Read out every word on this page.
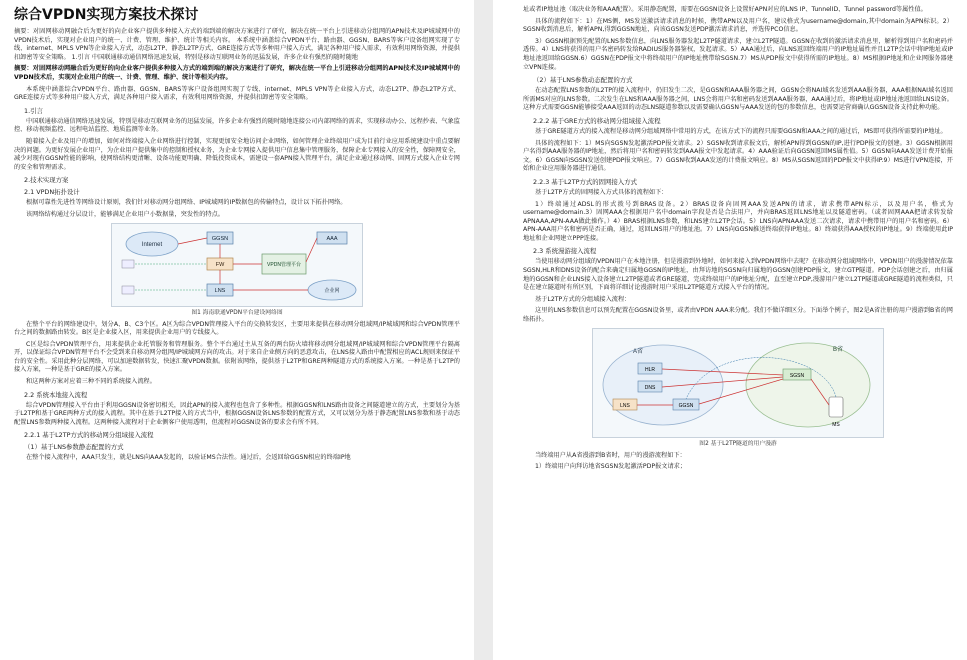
综合VPDN实现方案技术探讨

摘要：对固网移动网融合后为更好的向企业客户提供多种接入方式的端到端的解决方案进行了研究，解决在统一平台上引进移动分组网的APN技术及IP城域网中的VPDN技术后，实现对企业用户的统一、计费、管理、维护、统计等相关内容。 本系统中涵盖综合VPDN平台、路由器、GGSN、BARS等客户设备组网实现了专线、internet、MPLS VPN等企业接入方式，动态L2TP、静态L2TP方式、GRE连接方式等多种用户接入方式，满足各种用户接入需求，有效利用网络资源，并提供扣卸密等安全策略。 1.引言 中国联通移动通信网络迅速发展，特别是移动互联网业务的迅猛发展，许多企业有强烈的随时随地

摘要：对固网移动网融合后为更好的向企业客户提供多种接入方式的端到端的解决方案进行了研究，解决在统一平台上引进移动分组网的APN技术及IP城域网中的VPDN技术后，实现对企业用户的统一、计费、管理、维护、统计等相关内容。

本系统中涵盖综合VPDN平台、路由器、GGSN、BARS等客户设备组网实现了专线、internet、MPLS VPN等企业接入方式，动态L2TP、静态L2TP方式、GRE连接方式等多种用户接入方式，满足各种用户接入需求，有效利用网络资源，并提供扣卸密等安全策略。

1.引言

中国联通移动通信网络迅速发展，特别是移动互联网业务的迅猛发展，许多企业有强烈的随时随地连接公司内部网络的需求，实现移动办公、远程抄表、气象监控、移动视频监控、远程电站监控、地质监测等业务。

随着接入企业及用户的增加，如何对终端接入企业网络进行控制，实现更加安全地访问企业网络，如何管理企业终端用户成为目前行业应用系统建设中重点要解决的问题。为更好发展企业用户，为企业用户提供集中的控制和授权业务，为企业专网接入提供用户信息集中管理服务，保障企业专网接入的安全性，保障网安全，减少对现有GGSN性能的影响，使网络结构更清晰、设备功能更明确、降低投资成本，需建设一套APN接入管理平台，满足企业通过移动网、固网方式接入企业专网的安全和管理需求。

2.技术实现方案
2.1 VPDN拓扑设计

根据可靠性先进性等网络设计原则，我们针对移动网分组网络、IP城域网的IP数据包的传输特点，设计以下拓扑网络。

该网络结构通过分层设计，能够满足企业用户小数据量，突发性的特点。

Internet
GGSN
FW
LNS
VPDN管理平台
AAA
企业网
图1 海南联通VPDN平台建设网络图

在整个平台的网络建设中，划分A、B、C3个区。A区为综合VPDN管理接入平台的交换转发区，主要用来提供在移动网分组域网/IP城域网和综合VPDN管理平台之间的数据路由转发。B区是企业接入区，用来提供企业用户的专线接入。

C区是综合VPDN管理平台，用来提供企业托管服务和管理服务。整个平台通过主从互备的两台防火墙将移动网分组域网/IP城域网和综合VPDN管理平台隔离开，以保证综合VPDN管理平台不会受到来自移动网分组网/IP城域网方向的攻击。对于来自企业侧方向的恶意攻击，在LNS接入路由中配置相应的ACL规则来保证平台的安全性。采用此种分层网络，可以加速数据转发，快速汇聚VPDN数据。依附该网络，提供基于L2TP和GRE两种隧道方式的系统接入方案。一种是基于L2TP的接入方案，一种是基于GRE的接入方案。

和这两种方案对应着三种不同的系统接入流程。

2.2 系统本地接入流程

综合VPDN管理接入平台由于利用GGSN设备密切相关，因此APN的接入流程也包含了多种性。根据GGSN和LNS路由设备之间隧道建立的方式，主要划分为基于L2TP和基于GRE两种方式的接入流程。其中在基于L2TP接入的方式当中，根据GGSN设备LNS参数的配置方式，又可以划分为基于静态配置LNS参数和基于动态配置LNS参数两种接入流程。这两种接入流程对于企业侧客户使用透明，但流程对GGSN设备的要求会有所不同。

2.2.1 基于L2TP方式的移动网分组域接入流程
（1）基于LNS参数静态配置的方式

在整个接入流程中，AAA只发生，就是LNS向AAA发起的，以验证MS合法性。通过后，会返回给GGSN相应的终端IP地

址或者IP地址池（取决业务和AAA配置）。采用静态配置，需要在GGSN设备上设置好APN对应的LNS IP、TunnelID、Tunnel password等属性值。

具体的流程如下：1）在MS侧，MS发送激活请求消息的时候，携带APN以及用户名，建议格式为username@domain,其中domain为APN标识。2）SGSN收到消息后，解析APN,得到GGSN地址，向该GGSN发送PDP激活请求消息，并选传PCO信息。

3）GGSN根据预先配置的LNS参数信息，向LNS服务器发起L2TP隧道请求，建立L2TP隧道。GGSN在收到的激活请求消息里，解析得到用户名和密码并透传。4）LNS将获得的用户名密码转发给RADIUS服务器鉴权，发起请求。5）AAA通过后，向LNS返回终端用户的IP地址属性并且L2TP会话中将IP地址或IP地址池返回给GGSN.6）GGSN在PDP报文中将终端用户的IP地址携带给SGSN.7）MS从PDP报文中获得所需的IP地址。8）MS根据IP地址和企业网服务器建立VPN连接。

（2）基于LNS参数动态配置的方式

在动态配置LNS参数的L2TP的接入流程中，仍旧发生二次，是GGSN和AAA服务器之间，GGSN会将NAI域名发送到AAA服务器，AAA根据NAI域名返回所需MS对应的LNS参数。二次发生在LNS和AAA服务器之间，LNS会将用户名和密码发送到AAA服务器，AAA通过后，将IP地址或IP地址池返回给LNS设备。这种方式需要GGSN能够接受AAA返回的动态LNS隧道参数以及需要确认GGSN与AAA发送的包的参数信息，也需要运营商确认GGSN设备支持此种功能。

2.2.2 基于GRE方式的移动网分组域接入流程

基于GRE隧道方式的接入流程是移动网分组域网络中常用的方式，在该方式下的流程只需要GGSN和AAA之间的通过后，MS即可获得所需要的IP地址。

具体的流程如下：1）MS向SGSN发起激活PDP报文请求。2）SGSN收到请求报文后，解析APN得到GGSN的IP,进行PDP报文的创建。3）GGSN根据用户名得到AAA服务器的IP地址，然后将用户名和密码转发到AAA报文中发起请求。4）AAA验证后向GGSN返回MS属性值。5）GGSN向AAA发送计费开始报文。6）GGSN向SGSN发送创建PDP报文响应。7）GGSN收到AAA发送的计费报文响应。8）MS从SGSN返回的PDP报文中获得IP.9）MS进行VPN连接，开始和企业应用服务器进行通信。

2.2.3 基于L2TP方式的固网接入方式

基于L2TP方式的固网接入方式具体的流程如下：

1）终端通过ADSL的形式拨号到BRAS设备。2）BRAS设备向固网AAA发送APN的请求，请求携带APN标示，以及用户名，格式为username@domain.3）固网AAA会根据用户名中domain字段是否是合法用户，并向BRAS返回LNS地址以及隧道密码。（或者固网AAA把请求转发给APNAAA,APN-AAA做此操作。）4）BRAS根据LNS参数，和LNS建立L2TP会话。5）LNS向APNAAA发送二次请求，请求中携带用户的用户名和密码。6）APN-AAA用户名和密码是否正确，通过，返回LNS用户的地址池。7）LNS向GGSN推送终端获得IP地址。8）终端获得AAA授权的IP地址。9）终端使用此IP地址和企业网建立PPP连接。

2.3 系统漫游接入流程

当使用移动网分组域的VPDN用户在本地注册，但是漫游到外地时，如何来接入到VPDN网络中去呢？在移动网分组域网络中，VPDN用户的漫游情况依靠SGSN,HLR和DNS设备的配合来确定归属地GGSN的IP地址，由拜访地的SGSN向归属地的GGSN创建PDP报文，建立GTP隧道。PDP会话创建之后，由归属地的GGSN和企业LNS接入设备建立L2TP隧道或者GRE隧道，完成终端用户的IP地址分配，直至建立PDP,漫游用户建立L2TP隧道或GRE隧道的流程类似，只是在建立隧道时有所区别，下面将详细讨论漫游时用户采用L2TP隧道方式接入平台的情况。

基于L2TP方式的分组域接入流程：

这里的LNS参数信息可以预先配置在GGSN设备里，或者由VPDN AAA来分配。我们不做详细区分。下面举个例子，图2是A省注册的用户漫游到B省的网络拓扑。

A省	B省
HLR
DNS
GGSN
LNS
SGSN
MS
图2 基于L2TP隧道的用户漫游

当终端用户从A省漫游到B省时，用户的漫游流程如下：

1）终端用户向拜访地省SGSN发起激活PDP报文请求；
